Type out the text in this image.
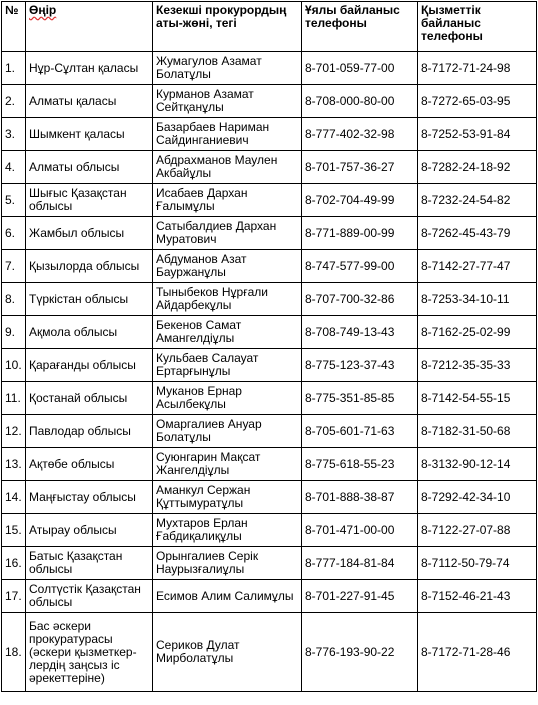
№	Өңір	Кезекші прокурордың аты-жөні, тегі	Ұялы байланыс телефоны	Қызметтік байланыс телефоны
1.	Нұр-Сұлтан қаласы	Жумагулов Азамат Болатұлы	8-701-059-77-00	8-7172-71-24-98
2.	Алматы қаласы	Курманов Азамат Сейтқанұлы	8-708-000-80-00	8-7272-65-03-95
3.	Шымкент қаласы	Базарбаев Нариман Сайдинганиевич	8-777-402-32-98	8-7252-53-91-84
4.	Алматы облысы	Абдрахманов Маулен Акбайұлы	8-701-757-36-27	8-7282-24-18-92
5.	Шығыс Қазақстан облысы	Исабаев Дархан Ғалымұлы	8-702-704-49-99	8-7232-24-54-82
6.	Жамбыл облысы	Сатыбалдиев Дархан Муратович	8-771-889-00-99	8-7262-45-43-79
7.	Қызылорда облысы	Абдуманов Азат Бауржанұлы	8-747-577-99-00	8-7142-27-77-47
8.	Түркістан облысы	Тыныбеков Нұрғали Айдарбекұлы	8-707-700-32-86	8-7253-34-10-11
9.	Ақмола облысы	Бекенов Самат Амангелдіұлы	8-708-749-13-43	8-7162-25-02-99
10.	Қарағанды облысы	Кульбаев Салауат Ертарғынұлы	8-775-123-37-43	8-7212-35-35-33
11.	Қостанай облысы	Муканов Ернар Асылбекұлы	8-775-351-85-85	8-7142-54-55-15
12.	Павлодар облысы	Омаргалиев Ануар Болатұлы	8-705-601-71-63	8-7182-31-50-68
13.	Ақтөбе облысы	Суюнгарин Мақсат Жангелдіұлы	8-775-618-55-23	8-3132-90-12-14
14.	Маңғыстау облысы	Аманкул Сержан Құттымуратұлы	8-701-888-38-87	8-7292-42-34-10
15.	Атырау облысы	Мухтаров Ерлан Ғабдиқалиқұлы	8-701-471-00-00	8-7122-27-07-88
16.	Батыс Қазақстан облысы	Орынгалиев Серік Наурызғалиұлы	8-777-184-81-84	8-7112-50-79-74
17.	Солтүстік Қазақстан облысы	Есимов Алим Салимұлы	8-701-227-91-45	8-7152-46-21-43
18.	Бас әскери прокуратурасы (әскери қызметкер-лердің заңсыз іс әрекеттеріне)	Сериков Дулат Мирболатұлы	8-776-193-90-22	8-7172-71-28-46
